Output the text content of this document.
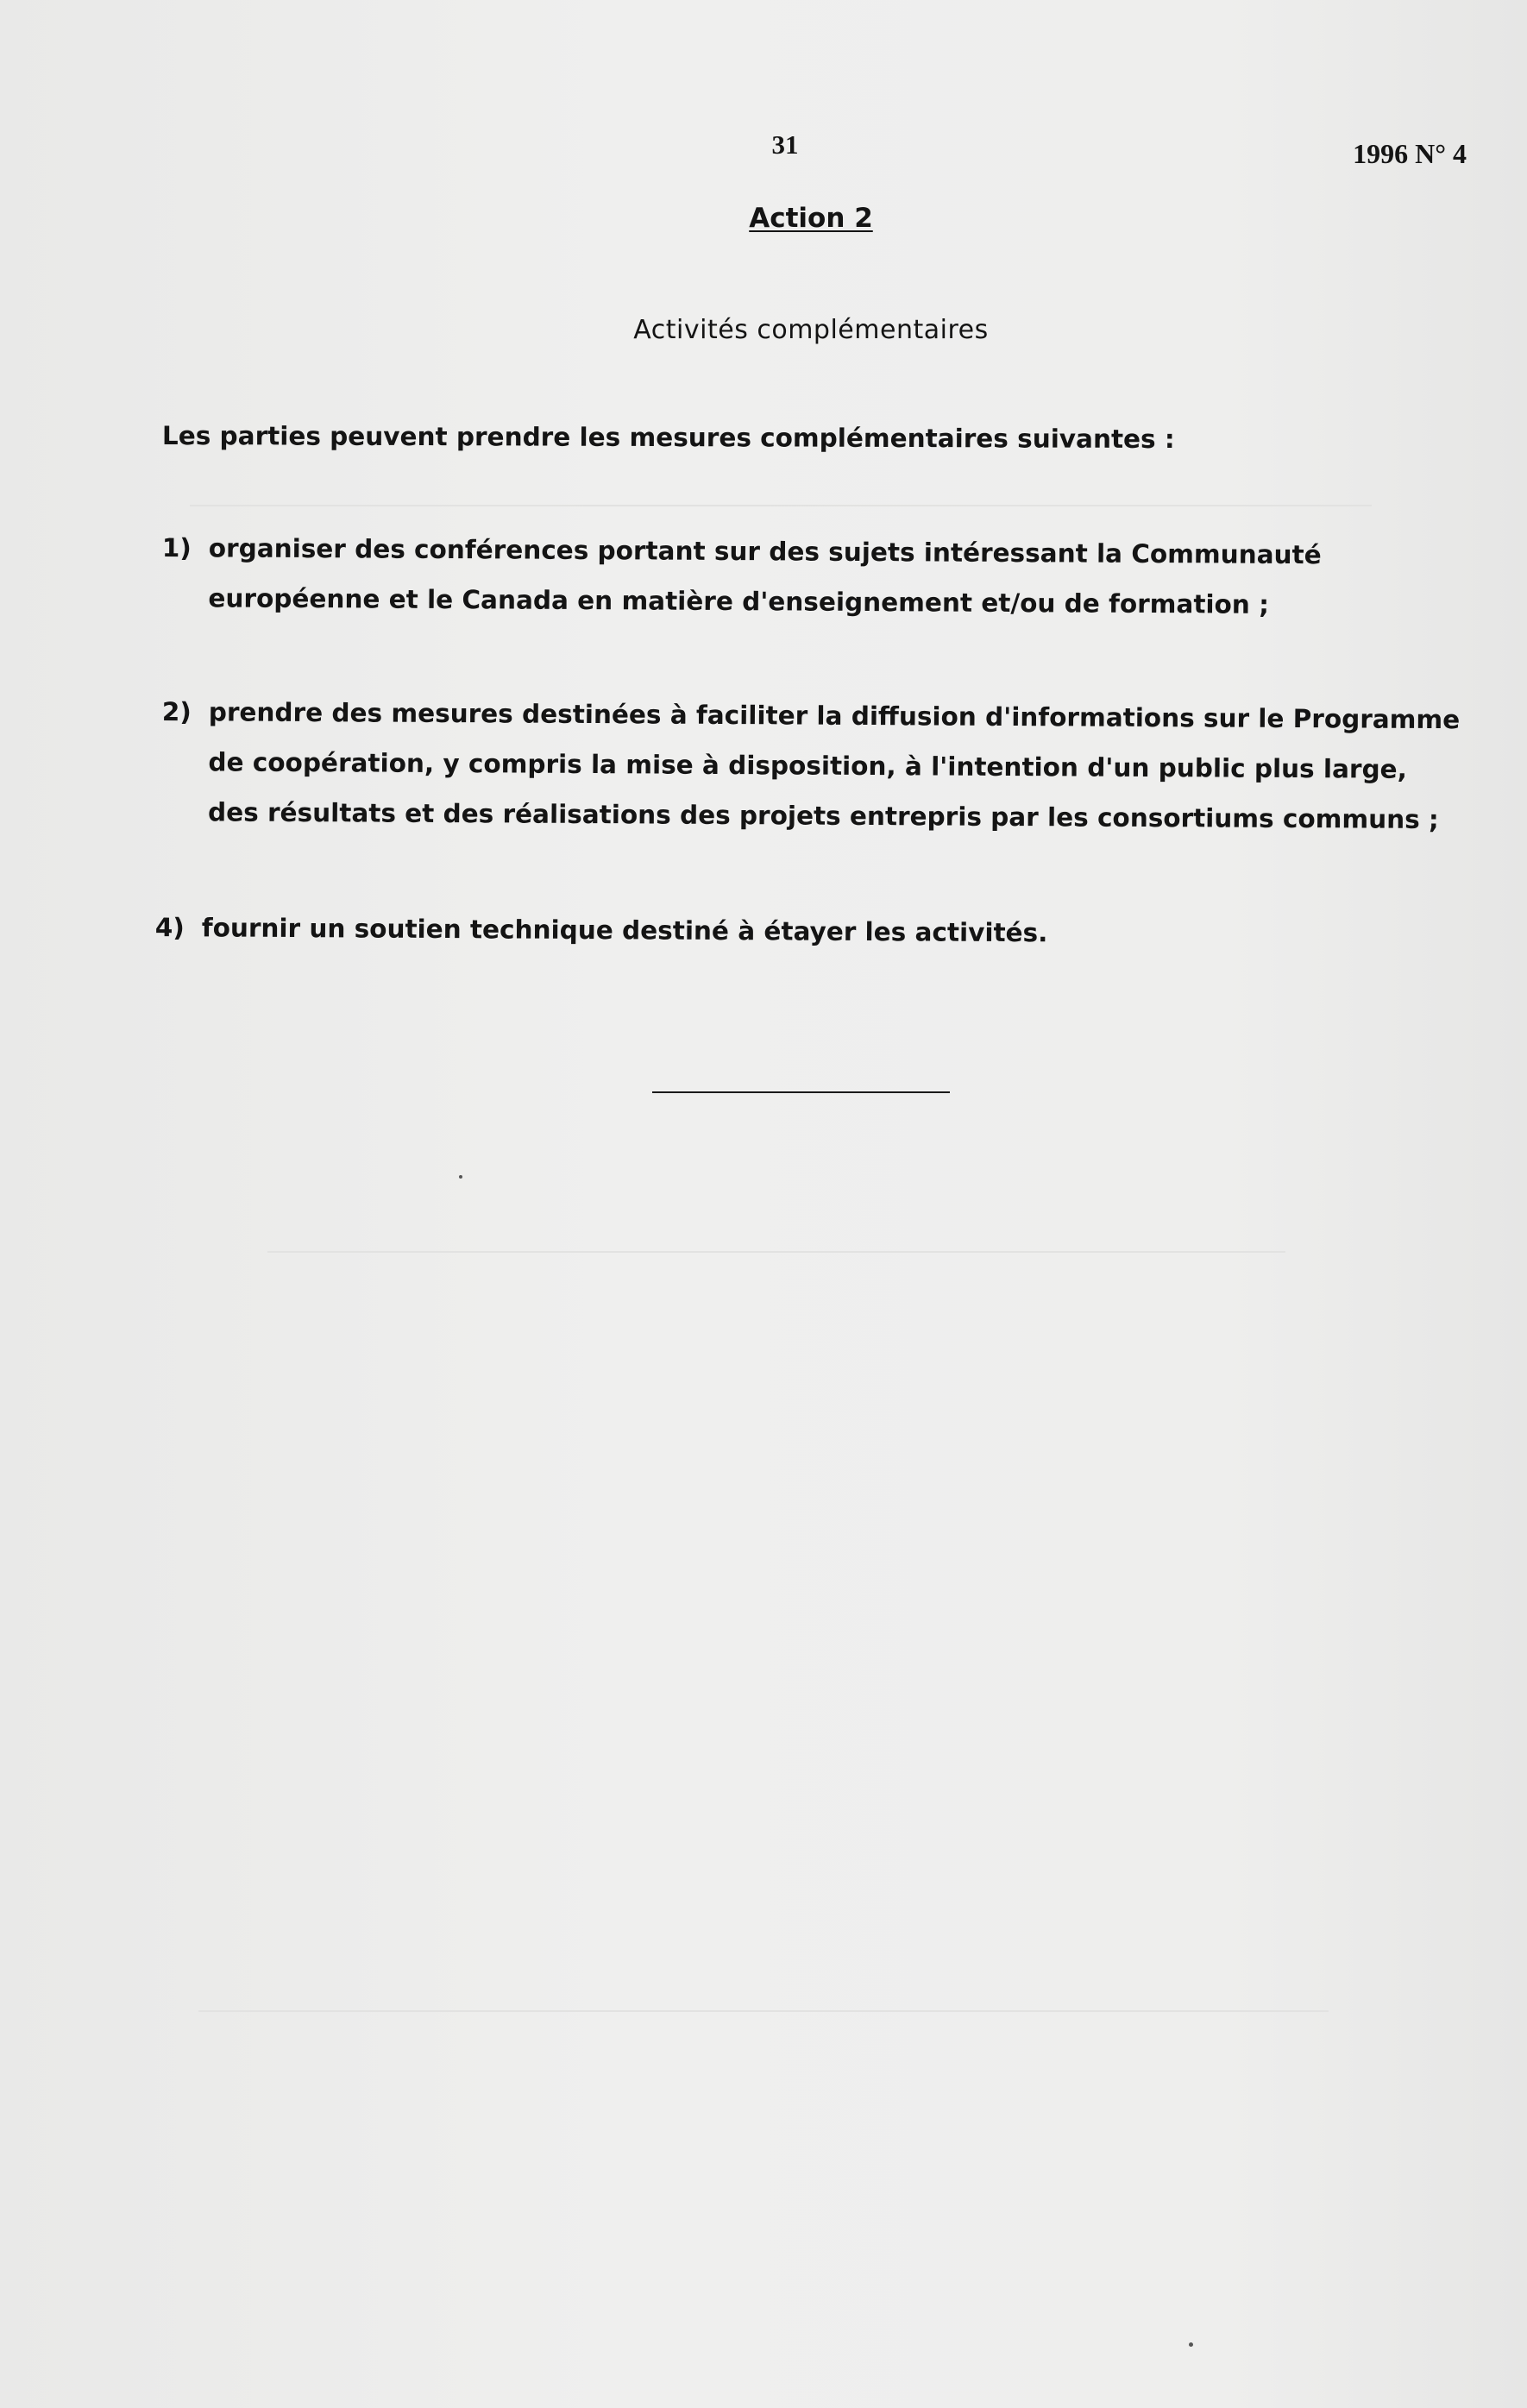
31	1996 N° 4
Action 2
Activités complémentaires
Les parties peuvent prendre les mesures complémentaires suivantes :
1) organiser des conférences portant sur des sujets intéressant la Communauté européenne et le Canada en matière d'enseignement et/ou de formation ;
2) prendre des mesures destinées à faciliter la diffusion d'informations sur le Programme de coopération, y compris la mise à disposition, à l'intention d'un public plus large, des résultats et des réalisations des projets entrepris par les consortiums communs ;
4) fournir un soutien technique destiné à étayer les activités.
